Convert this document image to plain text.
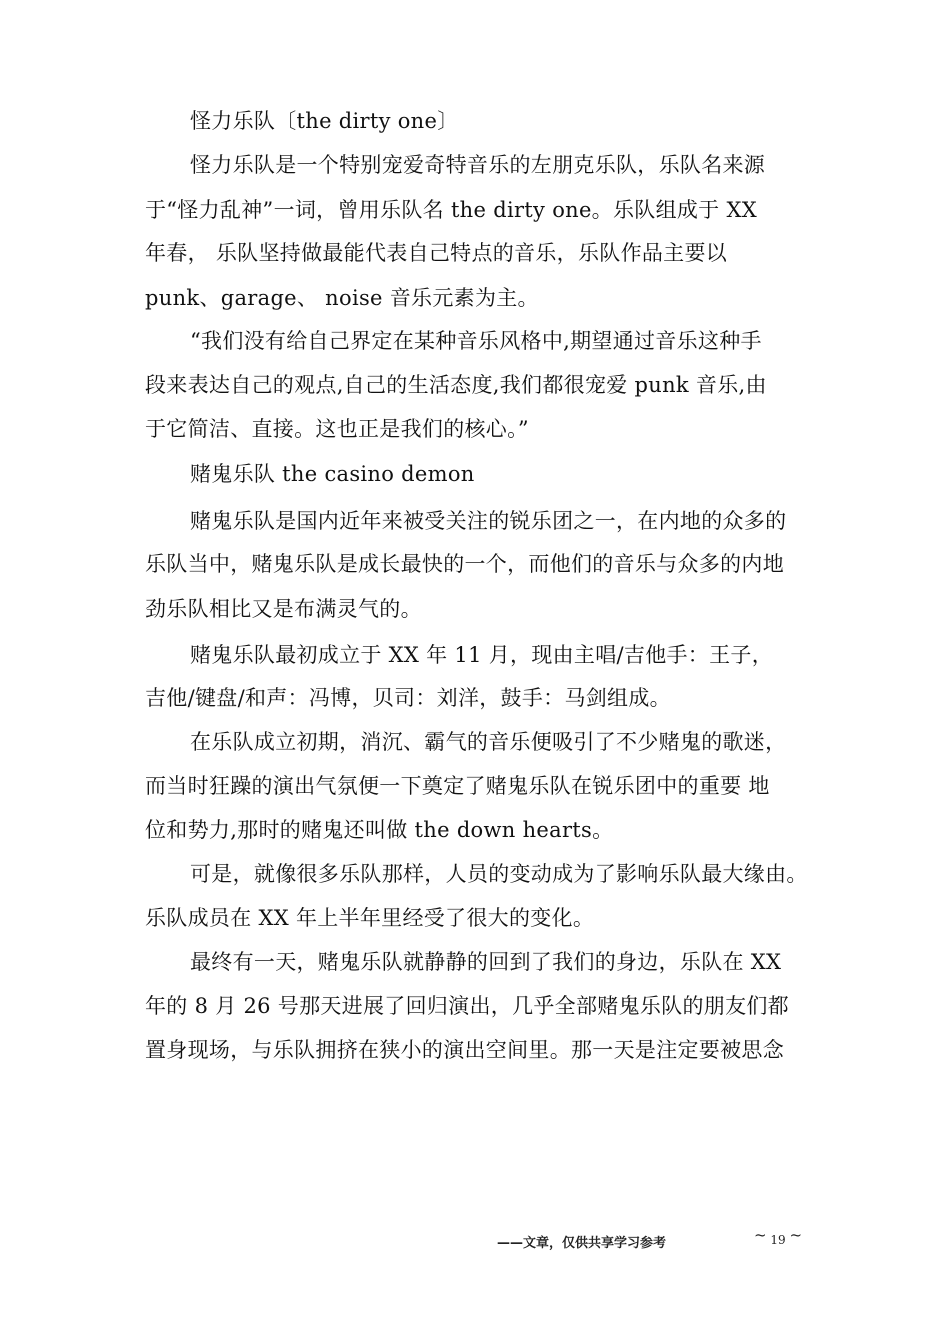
怪力乐队〔the dirty one〕
怪力乐队是一个特别宠爱奇特音乐的左朋克乐队，乐队名来源
于“怪力乱神”一词，曾用乐队名 the dirty one。乐队组成于 XX
年春， 乐队坚持做最能代表自己特点的音乐，乐队作品主要以
punk、garage、 noise 音乐元素为主。
“我们没有给自己界定在某种音乐风格中,期望通过音乐这种手
段来表达自己的观点,自己的生活态度,我们都很宠爱 punk 音乐,由
于它简洁、直接。这也正是我们的核心。”
赌鬼乐队 the casino demon
赌鬼乐队是国内近年来被受关注的锐乐团之一，在内地的众多的
乐队当中，赌鬼乐队是成长最快的一个，而他们的音乐与众多的内地
劲乐队相比又是布满灵气的。
赌鬼乐队最初成立于 XX 年 11 月，现由主唱/吉他手：王子，
吉他/键盘/和声：冯博，贝司：刘洋，鼓手：马剑组成。
在乐队成立初期，消沉、霸气的音乐便吸引了不少赌鬼的歌迷，
而当时狂躁的演出气氛便一下奠定了赌鬼乐队在锐乐团中的重要 地
位和势力,那时的赌鬼还叫做 the down hearts。
可是，就像很多乐队那样，人员的变动成为了影响乐队最大缘由。
乐队成员在 XX 年上半年里经受了很大的变化。
最终有一天，赌鬼乐队就静静的回到了我们的身边，乐队在 XX
年的 8 月 26 号那天进展了回归演出，几乎全部赌鬼乐队的朋友们都
置身现场，与乐队拥挤在狭小的演出空间里。那一天是注定要被思念
——文章，仅供共享学习参考	~ 19 ~
